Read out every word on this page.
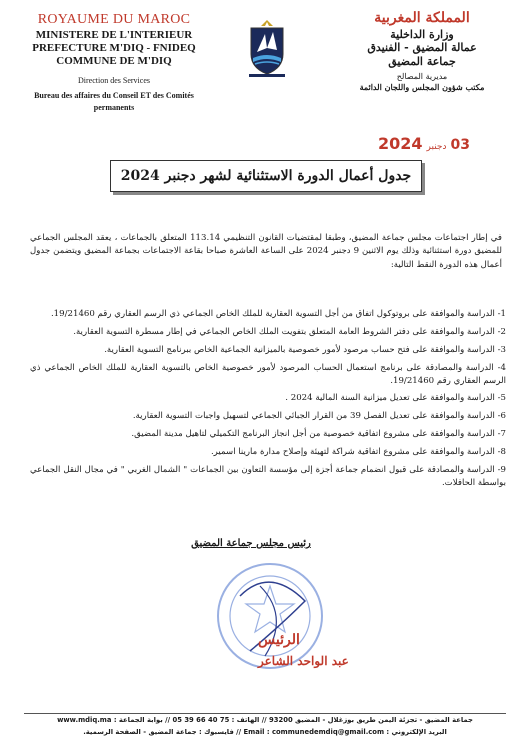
ROYAUME DU MAROC
MINISTERE DE L'INTERIEUR
PREFECTURE M'DIQ - FNIDEQ
COMMUNE DE M'DIQ
Direction des Services
Bureau des affaires du Conseil ET des Comités
permanents
المملكة المغربية
وزارة الداخلية
عمالة المضيق - الفنيدق
جماعة المضيق
مديرية المصالح
مكتب شؤون المجلس واللجان الدائمة
03دجنبر2024
جدول أعمال الدورة الاستثنائية لشهر دجنبر 2024
في إطار اجتماعات مجلس جماعة المضيق، وطبقا لمقتضيات القانون التنظيمي 113.14 المتعلق بالجماعات ، يعقد المجلس الجماعي للمضيق دورة استثنائية وذلك يوم الاثنين 9 دجنبر 2024 على الساعة العاشرة صباحا بقاعة الاجتماعات بجماعة المضيق ويتضمن جدول أعمال هذه الدورة النقط التالية:
1- الدراسة والموافقة على بروتوكول اتفاق من أجل التسوية العقارية للملك الخاص الجماعي ذي الرسم العقاري رقم 19/21460.
2- الدراسة والموافقة على دفتر الشروط العامة المتعلق بتفويت الملك الخاص الجماعي في إطار مسطرة التسوية العقارية.
3- الدراسة والموافقة على فتح حساب مرصود لأمور خصوصية بالميزانية الجماعية الخاص ببرنامج التسوية العقارية.
4- الدراسة والمصادقة على برنامج استعمال الحساب المرصود لأمور خصوصية الخاص بالتسوية العقارية للملك الخاص الجماعي ذي الرسم العقاري رقم 19/21460.
5- الدراسة والموافقة على تعديل ميزانية السنة المالية 2024 .
6- الدراسة والموافقة على تعديل الفصل 39 من القرار الجبائي الجماعي لتسهيل واجبات التسوية العقارية.
7- الدراسة والموافقة على مشروع اتفاقية خصوصية من أجل انجاز البرنامج التكميلي لتاهيل مدينة المضيق.
8- الدراسة والموافقة على مشروع اتفاقية شراكة لتهيئة وإصلاح مدارة مارينا اسمير.
9- الدراسة والمصادقة على قبول انضمام جماعة أجزة إلى مؤسسة التعاون بين الجماعات " الشمال الغربي " في مجال النقل الجماعي بواسطة الحافلات.
رئيس مجلس جماعة المضيق
الرئيس
عبد الواحد الشاعر
جماعة المضيق - تجزئة اليمن طريق بوزغلال - المضيق 93200 // الهاتف : 75 40 66 39 05 // بوابة الجماعة : www.mdiq.ma
البريد الإلكتروني : Email : communedemdiq@gmail.com // فايسبوك : جماعة المضيق - الصفحة الرسمية.
